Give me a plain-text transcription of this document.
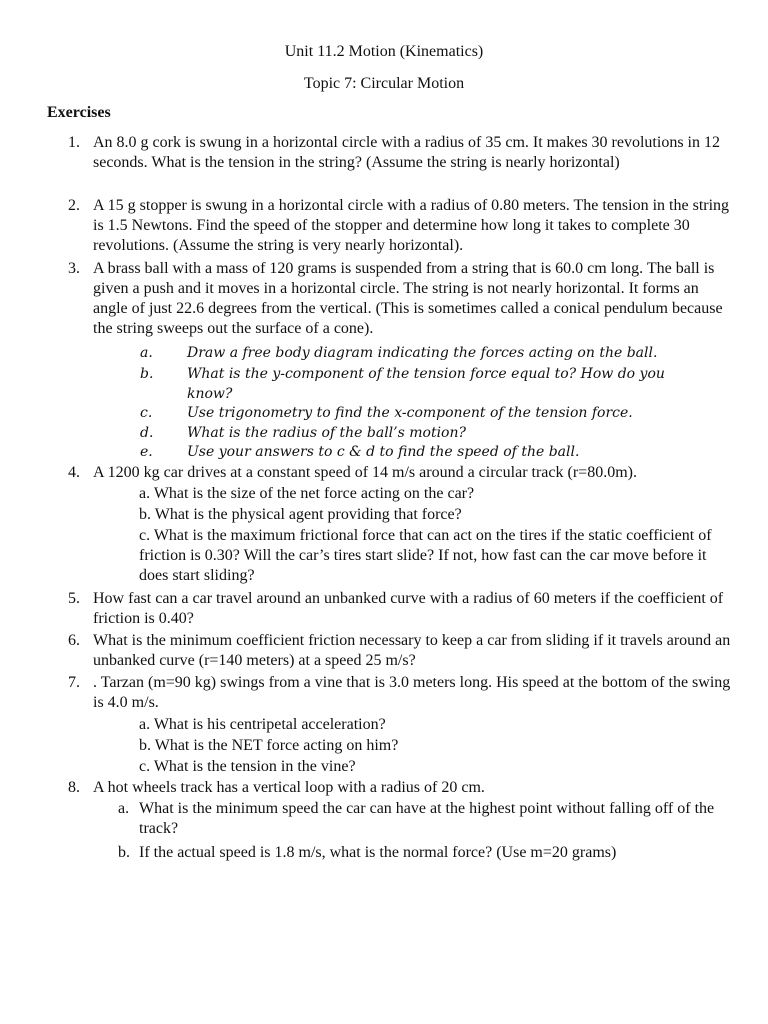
Unit 11.2 Motion (Kinematics)
Topic 7: Circular Motion
Exercises
1. An 8.0 g cork is swung in a horizontal circle with a radius of 35 cm. It makes 30 revolutions in 12 seconds. What is the tension in the string? (Assume the string is nearly horizontal)
2. A 15 g stopper is swung in a horizontal circle with a radius of 0.80 meters. The tension in the string is 1.5 Newtons. Find the speed of the stopper and determine how long it takes to complete 30 revolutions. (Assume the string is very nearly horizontal).
3. A brass ball with a mass of 120 grams is suspended from a string that is 60.0 cm long. The ball is given a push and it moves in a horizontal circle. The string is not nearly horizontal. It forms an angle of just 22.6 degrees from the vertical. (This is sometimes called a conical pendulum because the string sweeps out the surface of a cone).
a. Draw a free body diagram indicating the forces acting on the ball.
b. What is the y-component of the tension force equal to? How do you know?
c. Use trigonometry to find the x-component of the tension force.
d. What is the radius of the ball’s motion?
e. Use your answers to c & d to find the speed of the ball.
4. A 1200 kg car drives at a constant speed of 14 m/s around a circular track (r=80.0m).
a. What is the size of the net force acting on the car?
b. What is the physical agent providing that force?
c. What is the maximum frictional force that can act on the tires if the static coefficient of friction is 0.30? Will the car’s tires start slide? If not, how fast can the car move before it does start sliding?
5. How fast can a car travel around an unbanked curve with a radius of 60 meters if the coefficient of friction is 0.40?
6. What is the minimum coefficient friction necessary to keep a car from sliding if it travels around an unbanked curve (r=140 meters) at a speed 25 m/s?
7. . Tarzan (m=90 kg) swings from a vine that is 3.0 meters long. His speed at the bottom of the swing is 4.0 m/s.
a. What is his centripetal acceleration?
b. What is the NET force acting on him?
c. What is the tension in the vine?
8. A hot wheels track has a vertical loop with a radius of 20 cm.
a. What is the minimum speed the car can have at the highest point without falling off of the track?
b. If the actual speed is 1.8 m/s, what is the normal force? (Use m=20 grams)
